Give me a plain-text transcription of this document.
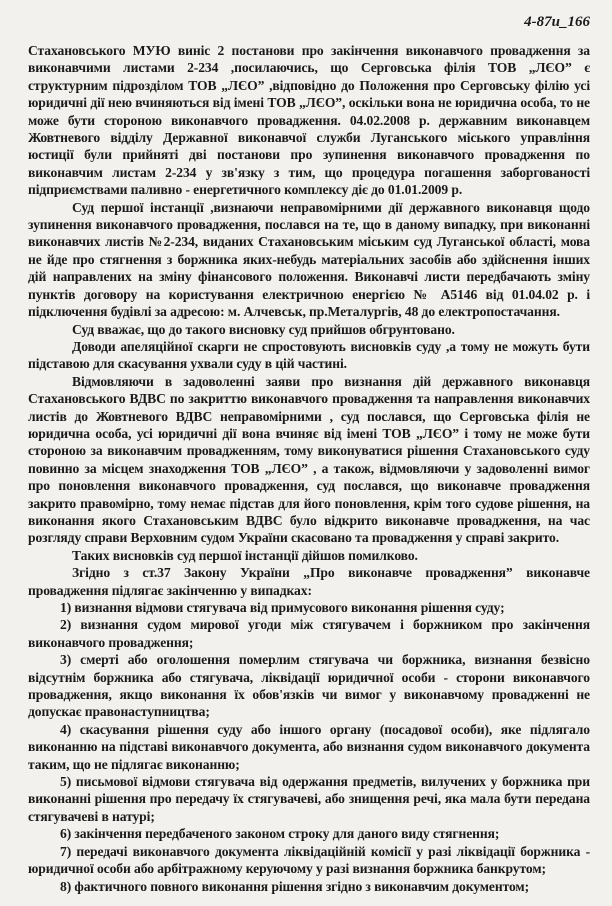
4-87u_166

Стахановського МУЮ виніс 2 постанови про закінчення виконавчого провадження за виконавчими листами 2-234 ,посилаючись, що Сергoвська філія ТОВ „ЛЄО” є структурним підрозділом ТОВ „ЛЄО” ,відповідно до Положення про Серговську філію усі юридичні дії нею вчиняються від імені ТОВ „ЛЄО”, оскільки вона не юридична особа, то не може бути стороною виконавчого провадження. 04.02.2008 р. державним виконавцем Жовтневого відділу Державної виконавчої служби Луганського міського управління юстиції були прийняті дві постанови про зупинення виконавчого провадження по виконавчим листам 2-234 у зв'язку з тим, що процедура погашення заборгованості підприємствами паливно - енергетичного комплексу діє до 01.01.2009 р.

Суд першої інстанції ,визнаючи неправомірними дії державного виконавця щодо зупинення виконавчого провадження, послався на те, що в даному випадку, при виконанні виконавчих листів №2-234, виданих Стахановським міським суд Луганської області, мова не йде про стягнення з боржника яких-небудь матеріальних засобів або здійснення інших дій направлених на зміну фінансового положення. Виконавчі листи передбачають зміну пунктів договору на користування електричною енергією № А5146 від 01.04.02 р. і підключення будівлі за адресою: м. Алчевськ, пр.Металургів, 48 до електропостачання.

Суд вважає, що до такого висновку суд прийшов обгрунтовано.

Доводи апеляційної скарги не спростовують висновків суду ,а тому не можуть бути підставою для скасування ухвали суду в цій частині.

Відмовляючи в задоволенні заяви про визнання дій державного виконавця Стахановського ВДВС по закриттю виконавчого провадження та направлення виконавчих листів до Жовтневого ВДВС неправомірними , суд послався, що Серговська філія не юридична особа, усі юридичні дії вона вчиняє від імені ТОВ „ЛЄО” і тому не може бути стороною за виконавчим провадженням, тому виконуватися рішення Стахановського суду повинно за місцем знаходження ТОВ „ЛЄО” , а також, відмовляючи у задоволенні вимог про поновлення виконавчого провадження, суд послався, що виконавче провадження закрито правомірно, тому немає підстав для його поновлення, крім того судове рішення, на виконання якого Стахановським ВДВС було відкрито виконавче провадження, на час розгляду справи Верховним судом України скасовано та провадження у справі закрито.

Таких висновків суд першої інстанції дійшов помилково.

Згідно з ст.37 Закону України „Про виконавче провадження” виконавче провадження підлягає закінченню у випадках:

1) визнання відмови стягувача від примусового виконання рішення суду;

2) визнання судом мирової угоди між стягувачем і боржником про закінчення виконавчого провадження;

3) смерті або оголошення померлим стягувача чи боржника, визнання безвісно відсутнім боржника або стягувача, ліквідації юридичної особи - сторони виконавчого провадження, якщо виконання їх обов'язків чи вимог у виконавчому провадженні не допускає правонаступництва;

4) скасування рішення суду або іншого органу (посадової особи), яке підлягало виконанню на підставі виконавчого документа, або визнання судом виконавчого документа таким, що не підлягає виконанню;

5) письмової відмови стягувача від одержання предметів, вилучених у боржника при виконанні рішення про передачу їх стягувачеві, або знищення речі, яка мала бути передана стягувачеві в натурі;

6) закінчення передбаченого законом строку для даного виду стягнення;

7) передачі виконавчого документа ліквідаційній комісії у разі ліквідації боржника - юридичної особи або арбітражному керуючому у разі визнання боржника банкрутом;

8) фактичного повного виконання рішення згідно з виконавчим документом;
